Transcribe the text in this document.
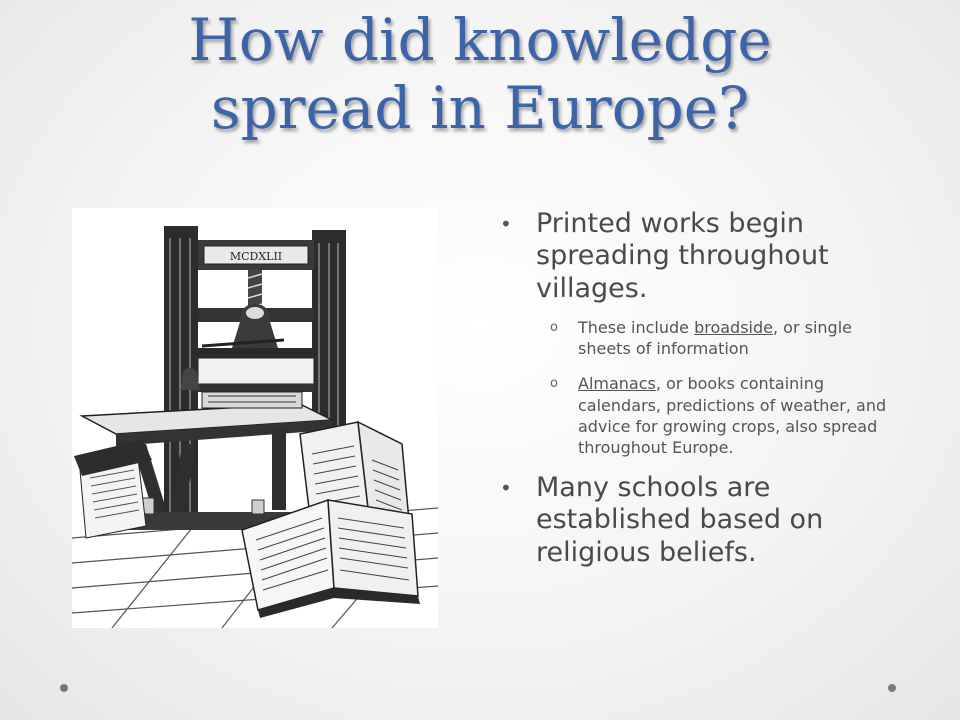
How did knowledge
spread in Europe?
MCDXLII
• Printed works begin spreading throughout villages.
o These include broadside, or single sheets of information
o Almanacs, or books containing calendars, predictions of weather, and advice for growing crops, also spread throughout Europe.
• Many schools are established based on religious beliefs.
